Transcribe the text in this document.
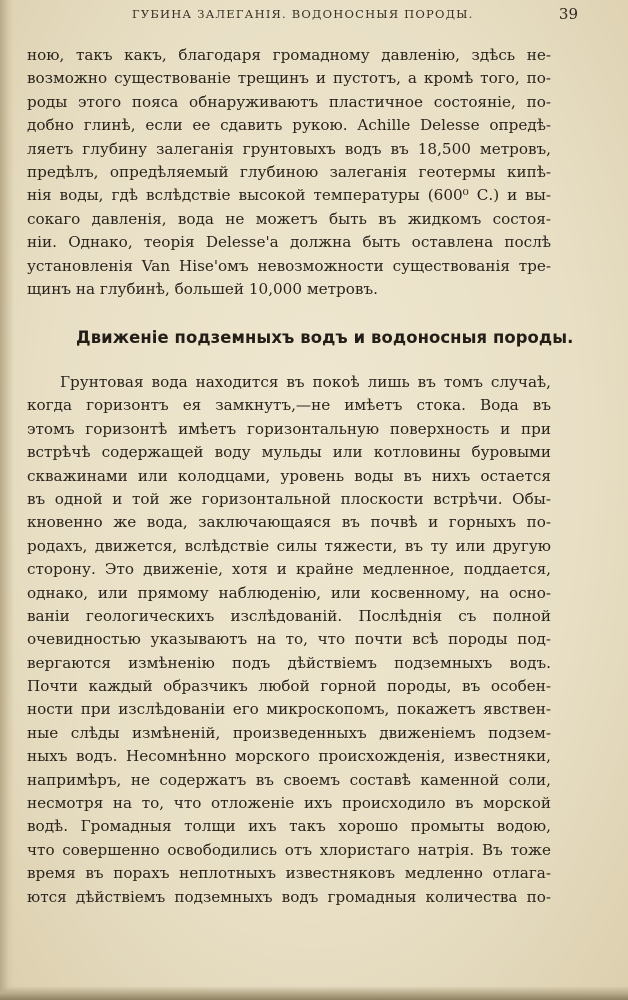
ГУБИНА ЗАЛЕГАНІЯ. ВОДОНОСНЫЯ ПОРОДЫ.	39
ною, такъ какъ, благодаря громадному давленію, здѣсь не-
возможно существованіе трещинъ и пустотъ, а кромѣ того, по-
роды этого пояса обнаруживаютъ пластичное состояніе, по-
добно глинѣ, если ее сдавить рукою. Achille Delesse опредѣ-
ляетъ глубину залеганія грунтовыхъ водъ въ 18,500 метровъ,
предѣлъ, опредѣляемый глубиною залеганія геотермы кипѣ-
нія воды, гдѣ вслѣдствіе высокой температуры (600⁰ С.) и вы-
сокаго давленія, вода не можетъ быть въ жидкомъ состоя-
ніи. Однако, теорія Delesse'а должна быть оставлена послѣ
установленія Van Hise'омъ невозможности существованія тре-
щинъ на глубинѣ, большей 10,000 метровъ.
Движеніе подземныхъ водъ и водоносныя породы.
Грунтовая вода находится въ покоѣ лишь въ томъ случаѣ,
когда горизонтъ ея замкнутъ,—не имѣетъ стока. Вода въ
этомъ горизонтѣ имѣетъ горизонтальную поверхность и при
встрѣчѣ содержащей воду мульды или котловины буровыми
скважинами или колодцами, уровень воды въ нихъ остается
въ одной и той же горизонтальной плоскости встрѣчи. Обы-
кновенно же вода, заключающаяся въ почвѣ и горныхъ по-
родахъ, движется, вслѣдствіе силы тяжести, въ ту или другую
сторону. Это движеніе, хотя и крайне медленное, поддается,
однако, или прямому наблюденію, или косвенному, на осно-
ваніи геологическихъ изслѣдованій. Послѣднія съ полной
очевидностью указываютъ на то, что почти всѣ породы под-
вергаются измѣненію подъ дѣйствіемъ подземныхъ водъ.
Почти каждый образчикъ любой горной породы, въ особен-
ности при изслѣдованіи его микроскопомъ, покажетъ явствен-
ные слѣды измѣненій, произведенныхъ движеніемъ подзем-
ныхъ водъ. Несомнѣнно морского происхожденія, известняки,
напримѣръ, не содержатъ въ своемъ составѣ каменной соли,
несмотря на то, что отложеніе ихъ происходило въ морской
водѣ. Громадныя толщи ихъ такъ хорошо промыты водою,
что совершенно освободились отъ хлористаго натрія. Въ тоже
время въ порахъ неплотныхъ известняковъ медленно отлага-
ются дѣйствіемъ подземныхъ водъ громадныя количества по-
